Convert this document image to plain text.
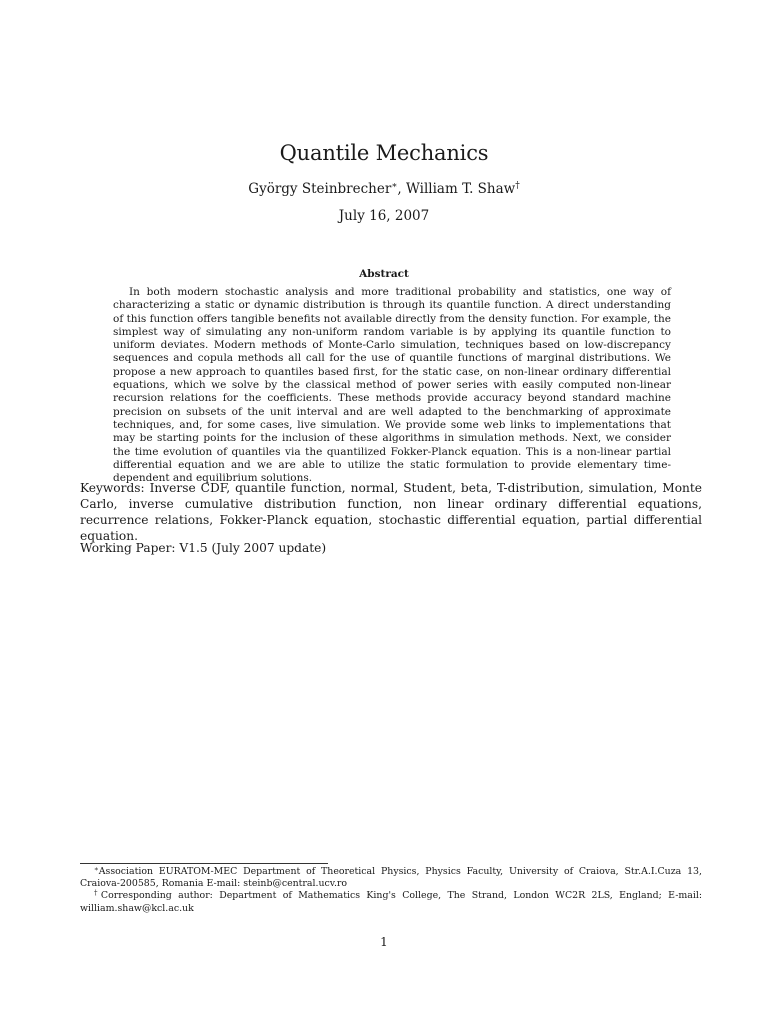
Quantile Mechanics
György Steinbrecher∗, William T. Shaw†
July 16, 2007
Abstract

In both modern stochastic analysis and more traditional probability and statistics, one way of characterizing a static or dynamic distribution is through its quantile function. A direct understanding of this function offers tangible benefits not available directly from the density function. For example, the simplest way of simulating any non-uniform random variable is by applying its quantile function to uniform deviates. Modern methods of Monte-Carlo simulation, techniques based on low-discrepancy sequences and copula methods all call for the use of quantile functions of marginal distributions. We propose a new approach to quantiles based first, for the static case, on non-linear ordinary differential equations, which we solve by the classical method of power series with easily computed non-linear recursion relations for the coefficients. These methods provide accuracy beyond standard machine precision on subsets of the unit interval and are well adapted to the benchmarking of approximate techniques, and, for some cases, live simulation. We provide some web links to implementations that may be starting points for the inclusion of these algorithms in simulation methods. Next, we consider the time evolution of quantiles via the quantilized Fokker-Planck equation. This is a non-linear partial differential equation and we are able to utilize the static formulation to provide elementary time-dependent and equilibrium solutions.

Keywords: Inverse CDF, quantile function, normal, Student, beta, T-distribution, simulation, Monte Carlo, inverse cumulative distribution function, non linear ordinary differential equations, recurrence relations, Fokker-Planck equation, stochastic differential equation, partial differential equation.

Working Paper: V1.5 (July 2007 update)

∗Association EURATOM-MEC Department of Theoretical Physics, Physics Faculty, University of Craiova, Str.A.I.Cuza 13, Craiova-200585, Romania E-mail: steinb@central.ucv.ro

†Corresponding author: Department of Mathematics King's College, The Strand, London WC2R 2LS, England; E-mail: william.shaw@kcl.ac.uk

1
